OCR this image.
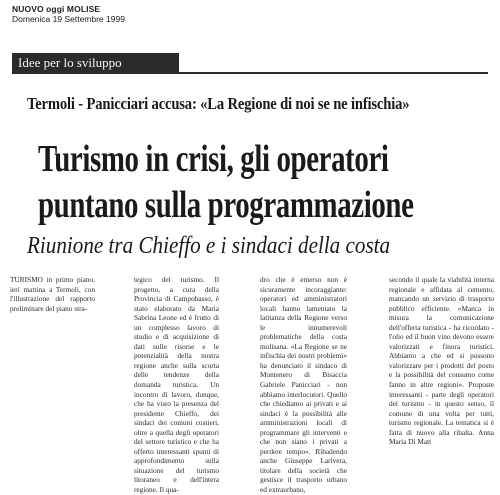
NUOVO oggi MOLISE
Domenica 19 Settembre 1999
Idee per lo sviluppo
Termoli - Panicciari accusa: «La Regione di noi se ne infischia»
Turismo in crisi, gli operatori
puntano sulla programmazione
Riunione tra Chieffo e i sindaci della costa
TURISMO in primo piano, ieri mattina a Termoli, con l'illustrazione del rapporto preliminare del piano stra-
tegico del turismo. Il progetto, a cura della Provincia di Campobasso, è stato elaborato da Maria Sabrina Leone ed è frutto di un complesso lavoro di studio e di acquisizione di dati sulle risorse e le potenzialità della nostra regione anche sulla scorta delle tendenze della domanda turistica. Un incontro di lavoro, dunque, che ha visto la presenza del presidente Chieffo, dei sindaci dei comuni costieri, oltre a quella degli operatori del settore turistico e che ha offerto interessanti spunti di approfondimento sulla situazione del turismo litoraneo e dell'intera regione. Il qua-
dro che è emerso non è sicuramente incoraggiante: operatori ed amministratori locali hanno lamentato la latitanza della Regione verso le innumerevoli problematiche della costa molisana. «La Regione se ne infischia dei nostri problemi» ha denunciato il sindaco di Montenero di Bisaccia Gabriele Panicciari - non abbiamo interlocutori. Quello che chiediamo ai privati e ai sindaci è la possibilità alle amministrazioni locali di programmare gli interventi e che non siano i privati a perdere tempo». Ribadendo anche Giuseppe Larivera, titolare della società che gestisce il trasporto urbano ed extraurbano,
secondo il quale la viabilità interna regionale e affidata al cemento, mancando un servizio di trasporto pubblico efficiente. «Manca in misura la comunicazione dell'offerta turistica - ha ricordato - l'olio ed il buon vino devono essere valorizzati e finora turistici. Abbiamo a che ed si possono valorizzare per i prodotti del posto e la possibilità del consumo come fanno in altre regioni». Proposte interessanti - parte degli operatori del turismo - in questo senso, il comune di una volta per tutti, turismo regionale. La tematica si è fatta di nuovo alla ribalta. Anna Maria Di Matt
